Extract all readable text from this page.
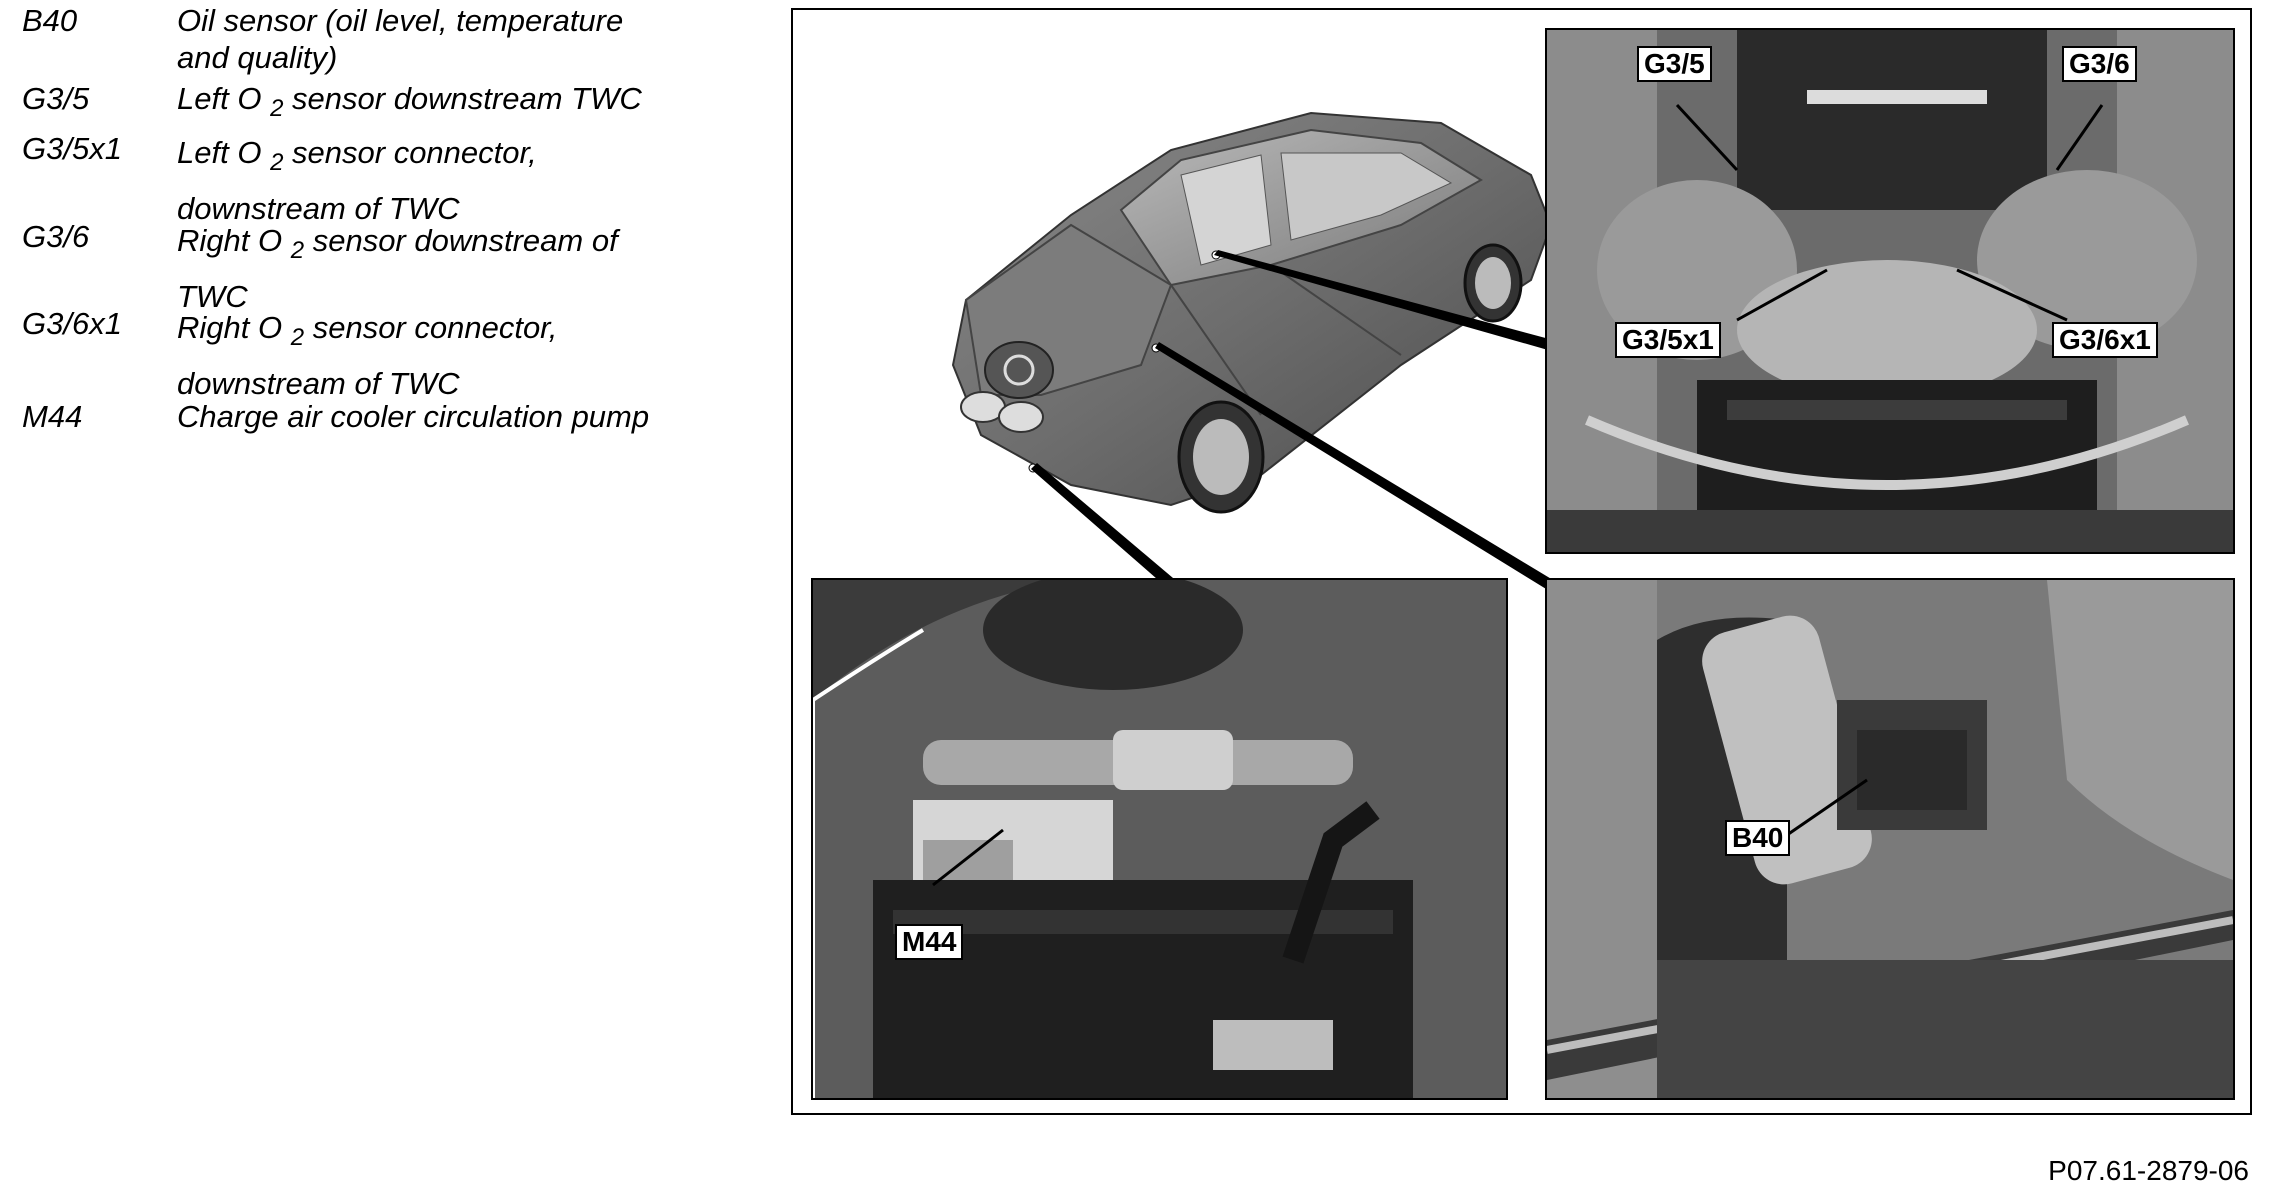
B40	Oil sensor (oil level, temperature
and quality)
G3/5	Left O $_2$ sensor downstream TWC
G3/5x1	Left O $_2$ sensor connector,
downstream of TWC
G3/6	Right O $_2$ sensor downstream of
TWC
G3/6x1	Right O $_2$ sensor connector,
downstream of TWC
M44	Charge air cooler circulation pump
G3/5	G3/6
G3/5x1	G3/6x1
M44
B40
P07.61-2879-06
